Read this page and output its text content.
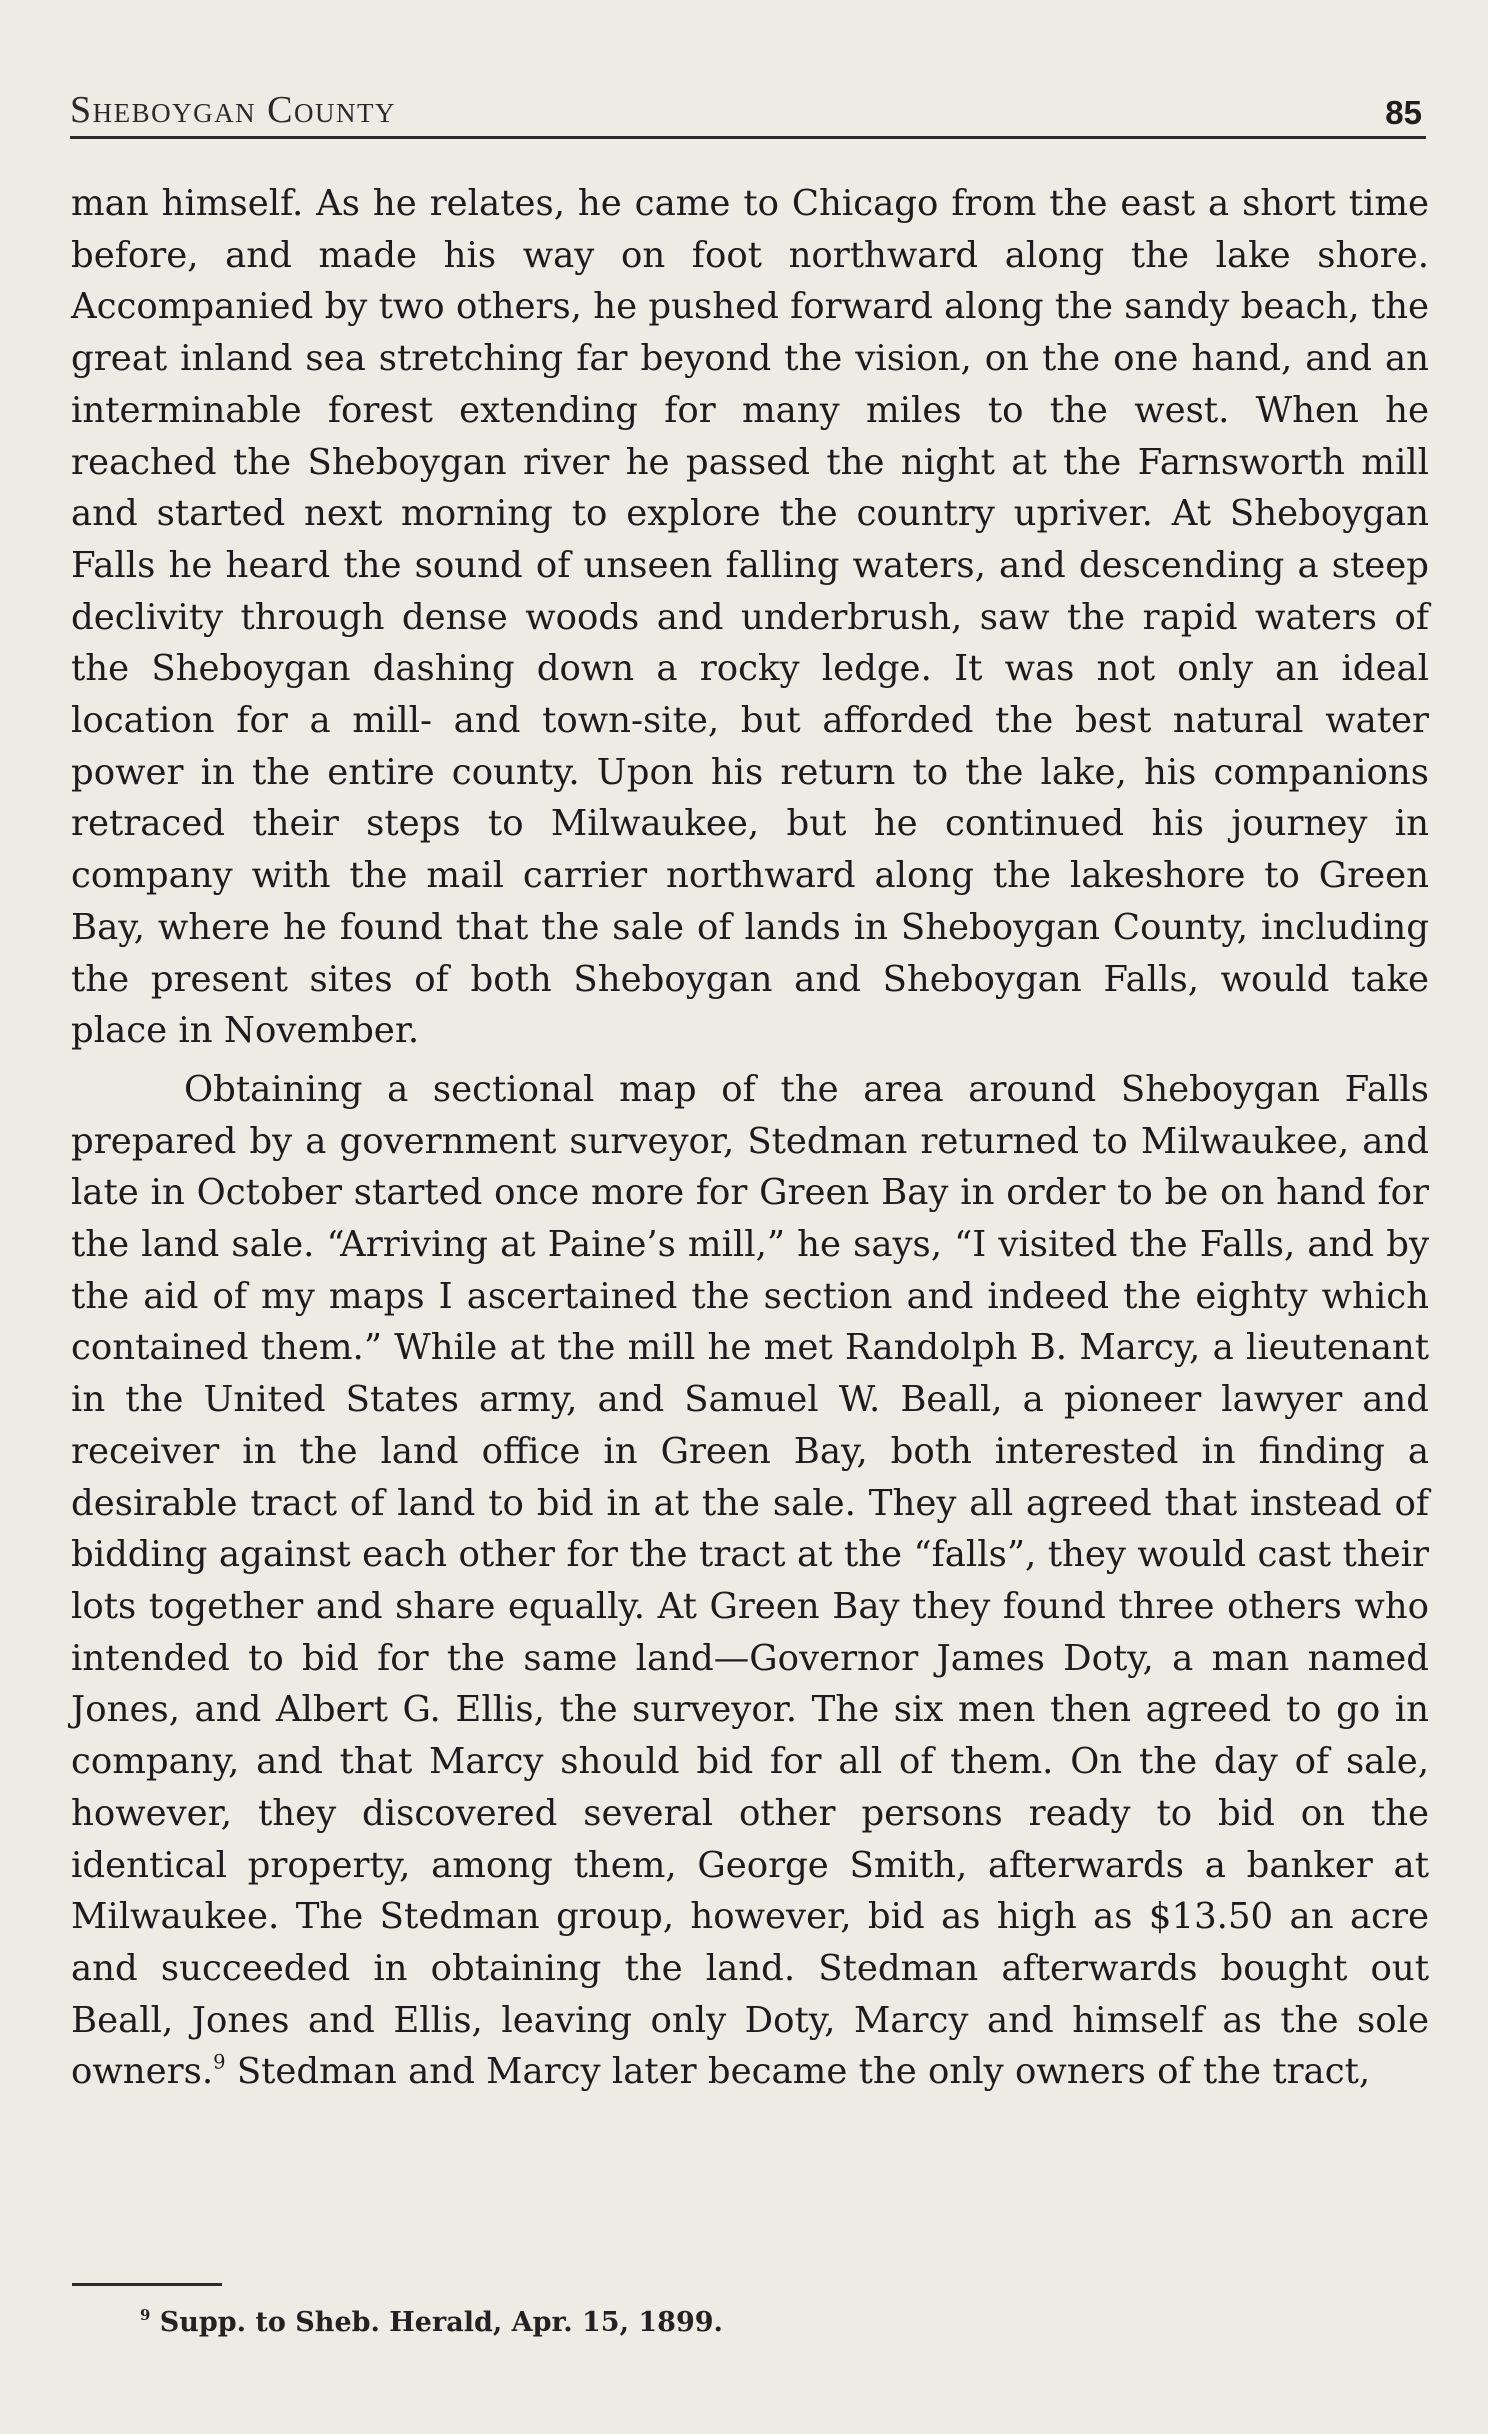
Sheboygan County	85

man himself. As he relates, he came to Chicago from the east a short time before, and made his way on foot northward along the lake shore. Accompanied by two others, he pushed forward along the sandy beach, the great inland sea stretching far beyond the vision, on the one hand, and an interminable forest extending for many miles to the west. When he reached the Sheboygan river he passed the night at the Farnsworth mill and started next morning to explore the country upriver. At Sheboygan Falls he heard the sound of unseen falling waters, and descending a steep declivity through dense woods and underbrush, saw the rapid waters of the Sheboygan dashing down a rocky ledge. It was not only an ideal location for a mill- and town-site, but afforded the best natural water power in the entire county. Upon his return to the lake, his companions retraced their steps to Milwaukee, but he continued his journey in company with the mail carrier northward along the lakeshore to Green Bay, where he found that the sale of lands in Sheboygan County, including the present sites of both Sheboygan and Sheboygan Falls, would take place in November.

Obtaining a sectional map of the area around Sheboygan Falls prepared by a government surveyor, Stedman returned to Milwaukee, and late in October started once more for Green Bay in order to be on hand for the land sale. “Arriving at Paine’s mill,” he says, “I visited the Falls, and by the aid of my maps I ascertained the section and indeed the eighty which contained them.” While at the mill he met Randolph B. Marcy, a lieutenant in the United States army, and Samuel W. Beall, a pioneer lawyer and receiver in the land office in Green Bay, both interested in finding a desirable tract of land to bid in at the sale. They all agreed that instead of bidding against each other for the tract at the “falls”, they would cast their lots together and share equally. At Green Bay they found three others who intended to bid for the same land—Governor James Doty, a man named Jones, and Albert G. Ellis, the surveyor. The six men then agreed to go in company, and that Marcy should bid for all of them. On the day of sale, however, they discovered several other persons ready to bid on the identical property, among them, George Smith, afterwards a banker at Milwaukee. The Stedman group, however, bid as high as $13.50 an acre and succeeded in obtaining the land. Stedman afterwards bought out Beall, Jones and Ellis, leaving only Doty, Marcy and himself as the sole owners.$^9$ Stedman and Marcy later became the only owners of the tract,

$^9$ Supp. to Sheb. Herald, Apr. 15, 1899.
